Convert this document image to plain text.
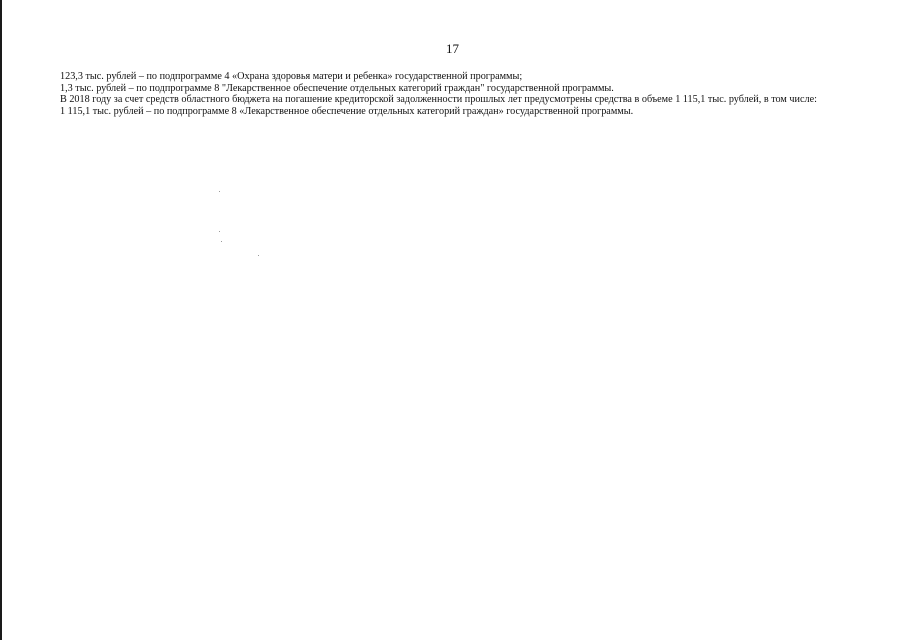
17

123,3 тыс. рублей – по подпрограмме 4 «Охрана здоровья матери и ребенка» государственной программы;

1,3 тыс. рублей – по подпрограмме 8 "Лекарственное обеспечение отдельных категорий граждан" государственной программы.

В 2018 году за счет средств областного бюджета на погашение кредиторской задолженности прошлых лет предусмотрены средства в объеме 1 115,1 тыс. рублей, в том числе:

1 115,1 тыс. рублей – по подпрограмме 8 «Лекарственное обеспечение отдельных категорий граждан» государственной программы.
